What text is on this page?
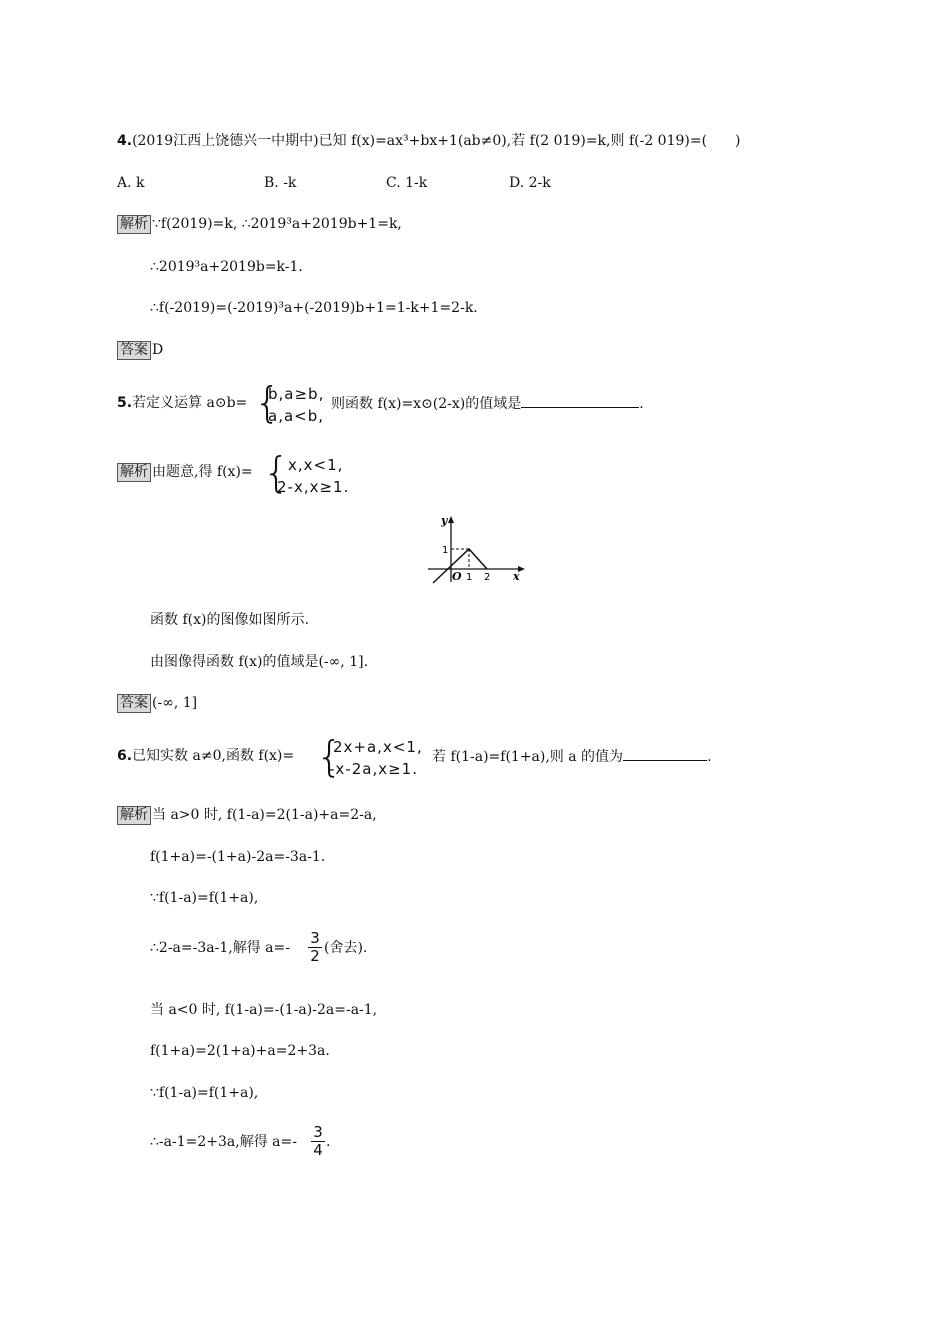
4.(2019江西上饶德兴一中期中)已知 f(x)=ax³+bx+1(ab≠0),若 f(2 019)=k,则 f(-2 019)=(　　)
A. k	B. -k	C. 1-k	D. 2-k
解析 ∵f(2019)=k, ∴2019³a+2019b+1=k,
∴2019³a+2019b=k-1.
∴f(-2019)=(-2019)³a+(-2019)b+1=1-k+1=2-k.
答案 D
5.若定义运算 a⊙b= {
b,a≥b,
a,a<b,
则函数 f(x)=x⊙(2-x)的值域是	.
解析 由题意,得 f(x)= {
x,x<1,
2-x,x≥1.
y
x
O 1 2
1
函数 f(x)的图像如图所示.
由图像得函数 f(x)的值域是(-∞, 1].
答案 (-∞, 1]
6.已知实数 a≠0,函数 f(x)= {
2x+a,x<1,
-x-2a,x≥1.
若 f(1-a)=f(1+a),则 a 的值为	.
解析 当 a>0 时, f(1-a)=2(1-a)+a=2-a,
f(1+a)=-(1+a)-2a=-3a-1.
∵f(1-a)=f(1+a),
∴2-a=-3a-1,解得 $a=- \frac{3}{2}$ (舍去).
当 a<0 时, f(1-a)=-(1-a)-2a=-a-1,
f(1+a)=2(1+a)+a=2+3a.
∵f(1-a)=f(1+a),
∴-a-1=2+3a,解得 $a=- \frac{3}{4}$ .
